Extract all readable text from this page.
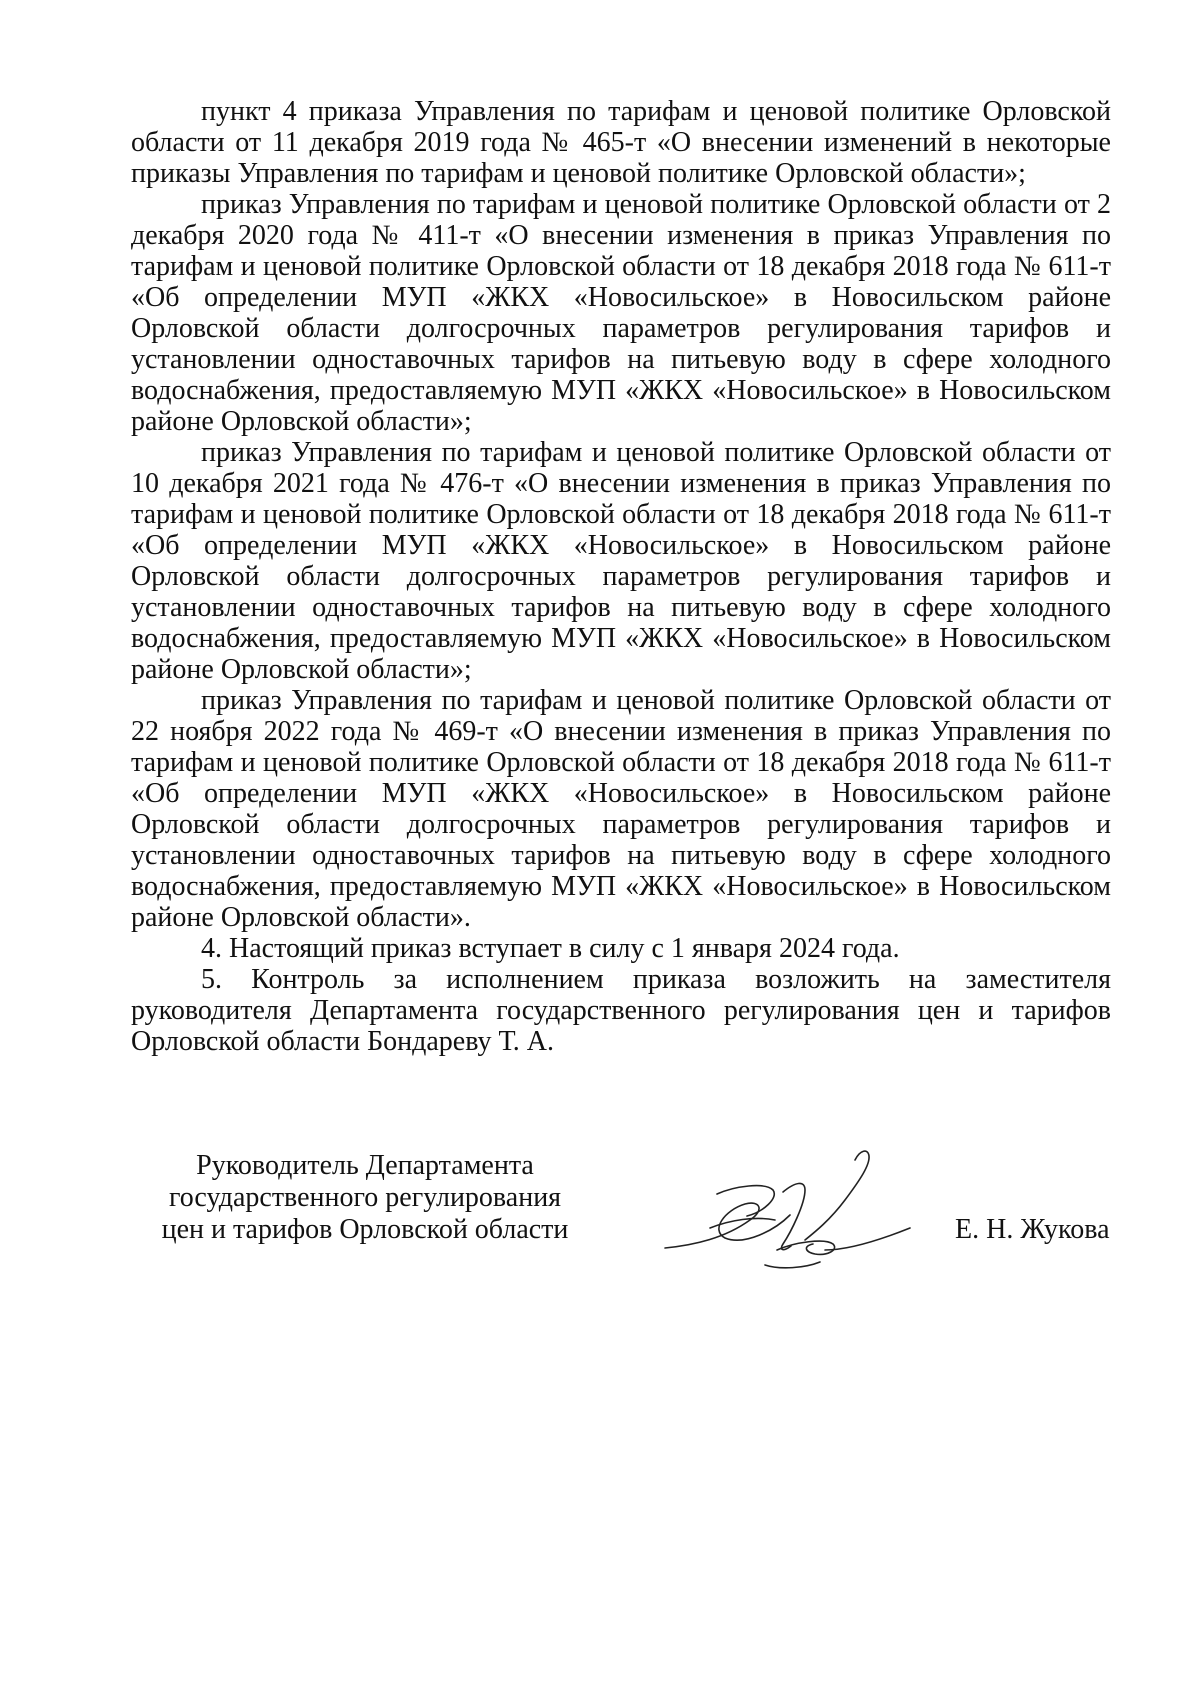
пункт 4 приказа Управления по тарифам и ценовой политике Орловской области от 11 декабря 2019 года № 465-т «О внесении изменений в некоторые приказы Управления по тарифам и ценовой политике Орловской области»;

приказ Управления по тарифам и ценовой политике Орловской области от 2 декабря 2020 года № 411-т «О внесении изменения в приказ Управления по тарифам и ценовой политике Орловской области от 18 декабря 2018 года № 611-т «Об определении МУП «ЖКХ «Новосильское» в Новосильском районе Орловской области долгосрочных параметров регулирования тарифов и установлении одноставочных тарифов на питьевую воду в сфере холодного водоснабжения, предоставляемую МУП «ЖКХ «Новосильское» в Новосильском районе Орловской области»;

приказ Управления по тарифам и ценовой политике Орловской области от 10 декабря 2021 года № 476-т «О внесении изменения в приказ Управления по тарифам и ценовой политике Орловской области от 18 декабря 2018 года № 611-т «Об определении МУП «ЖКХ «Новосильское» в Новосильском районе Орловской области долгосрочных параметров регулирования тарифов и установлении одноставочных тарифов на питьевую воду в сфере холодного водоснабжения, предоставляемую МУП «ЖКХ «Новосильское» в Новосильском районе Орловской области»;

приказ Управления по тарифам и ценовой политике Орловской области от 22 ноября 2022 года № 469-т «О внесении изменения в приказ Управления по тарифам и ценовой политике Орловской области от 18 декабря 2018 года № 611-т «Об определении МУП «ЖКХ «Новосильское» в Новосильском районе Орловской области долгосрочных параметров регулирования тарифов и установлении одноставочных тарифов на питьевую воду в сфере холодного водоснабжения, предоставляемую МУП «ЖКХ «Новосильское» в Новосильском районе Орловской области».

4. Настоящий приказ вступает в силу с 1 января 2024 года.

5. Контроль за исполнением приказа возложить на заместителя руководителя Департамента государственного регулирования цен и тарифов Орловской области Бондареву Т. А.

Руководитель Департамента
государственного регулирования
цен и тарифов Орловской области	Е. Н. Жукова
